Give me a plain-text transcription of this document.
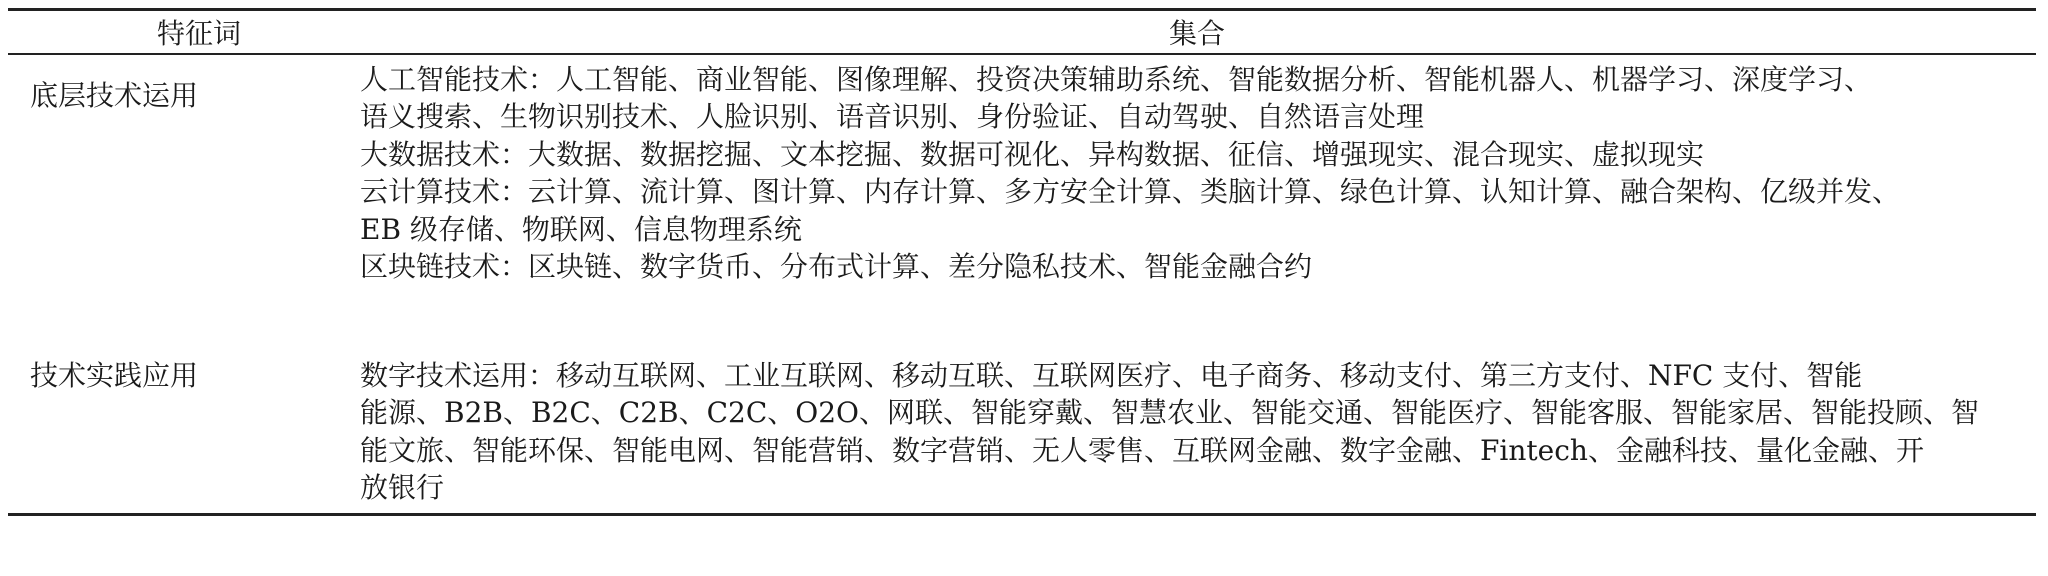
特征词	集合
底层技术运用	人工智能技术：人工智能、商业智能、图像理解、投资决策辅助系统、智能数据分析、智能机器人、机器学习、深度学习、
语义搜索、生物识别技术、人脸识别、语音识别、身份验证、自动驾驶、自然语言处理
大数据技术：大数据、数据挖掘、文本挖掘、数据可视化、异构数据、征信、增强现实、混合现实、虚拟现实
云计算技术：云计算、流计算、图计算、内存计算、多方安全计算、类脑计算、绿色计算、认知计算、融合架构、亿级并发、
EB 级存储、物联网、信息物理系统
区块链技术：区块链、数字货币、分布式计算、差分隐私技术、智能金融合约
技术实践应用	数字技术运用：移动互联网、工业互联网、移动互联、互联网医疗、电子商务、移动支付、第三方支付、NFC 支付、智能
能源、B2B、B2C、C2B、C2C、O2O、网联、智能穿戴、智慧农业、智能交通、智能医疗、智能客服、智能家居、智能投顾、智
能文旅、智能环保、智能电网、智能营销、数字营销、无人零售、互联网金融、数字金融、Fintech、金融科技、量化金融、开
放银行
